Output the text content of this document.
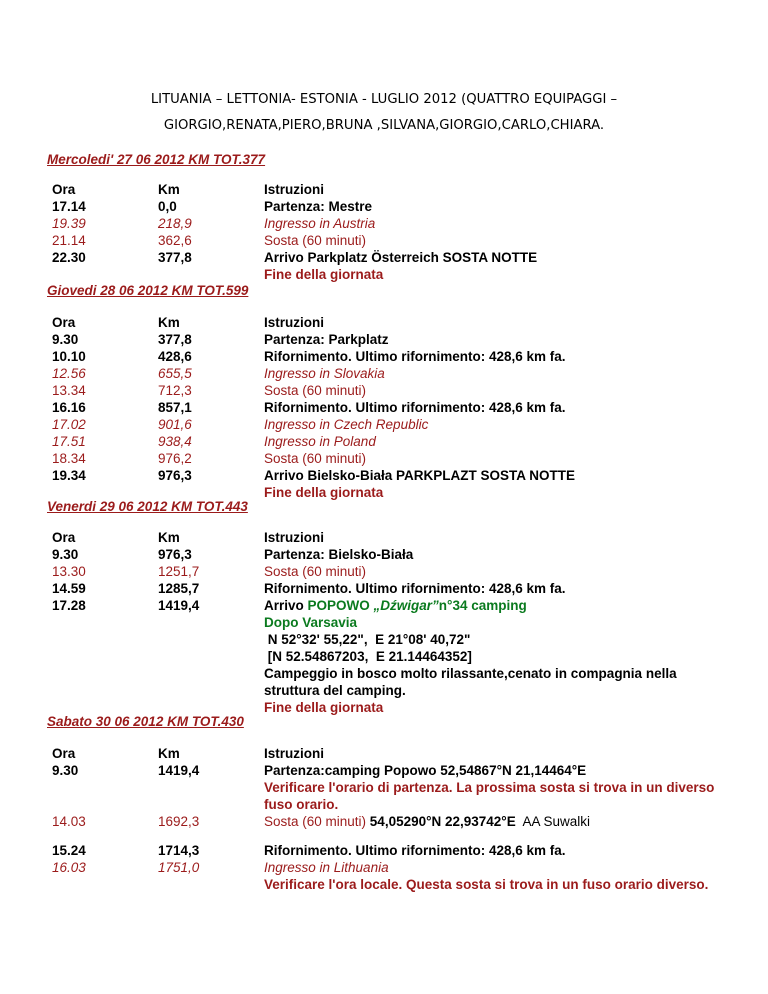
LITUANIA – LETTONIA- ESTONIA - LUGLIO 2012 (QUATTRO EQUIPAGGI –
GIORGIO,RENATA,PIERO,BRUNA ,SILVANA,GIORGIO,CARLO,CHIARA.
Mercoledi' 27 06 2012 KM TOT.377
Ora	Km	Istruzioni
17.14	0,0	Partenza: Mestre
19.39	218,9	Ingresso in Austria
21.14	362,6	Sosta (60 minuti)
22.30	377,8	Arrivo Parkplatz Österreich SOSTA NOTTE
Fine della giornata
Giovedi 28 06 2012 KM TOT.599
Ora	Km	Istruzioni
9.30	377,8	Partenza: Parkplatz
10.10	428,6	Rifornimento. Ultimo rifornimento: 428,6 km fa.
12.56	655,5	Ingresso in Slovakia
13.34	712,3	Sosta (60 minuti)
16.16	857,1	Rifornimento. Ultimo rifornimento: 428,6 km fa.
17.02	901,6	Ingresso in Czech Republic
17.51	938,4	Ingresso in Poland
18.34	976,2	Sosta (60 minuti)
19.34	976,3	Arrivo Bielsko-Biała PARKPLAZT SOSTA NOTTE
Fine della giornata
Venerdi 29 06 2012 KM TOT.443
Ora	Km	Istruzioni
9.30	976,3	Partenza: Bielsko-Biała
13.30	1251,7	Sosta (60 minuti)
14.59	1285,7	Rifornimento. Ultimo rifornimento: 428,6 km fa.
17.28	1419,4	Arrivo POPOWO „Dźwigar”n°34 camping
Dopo Varsavia
N 52°32' 55,22",  E 21°08' 40,72"
[N 52.54867203,  E 21.14464352]
Campeggio in bosco molto rilassante,cenato in compagnia nella struttura del camping.
Fine della giornata
Sabato 30 06 2012 KM TOT.430
Ora	Km	Istruzioni
9.30	1419,4	Partenza:camping Popowo 52,54867°N 21,14464°E
Verificare l'orario di partenza. La prossima sosta si trova in un diverso fuso orario.
14.03	1692,3	Sosta (60 minuti) 54,05290°N 22,93742°E  AA Suwalki
15.24	1714,3	Rifornimento. Ultimo rifornimento: 428,6 km fa.
16.03	1751,0	Ingresso in Lithuania
Verificare l'ora locale. Questa sosta si trova in un fuso orario diverso.
